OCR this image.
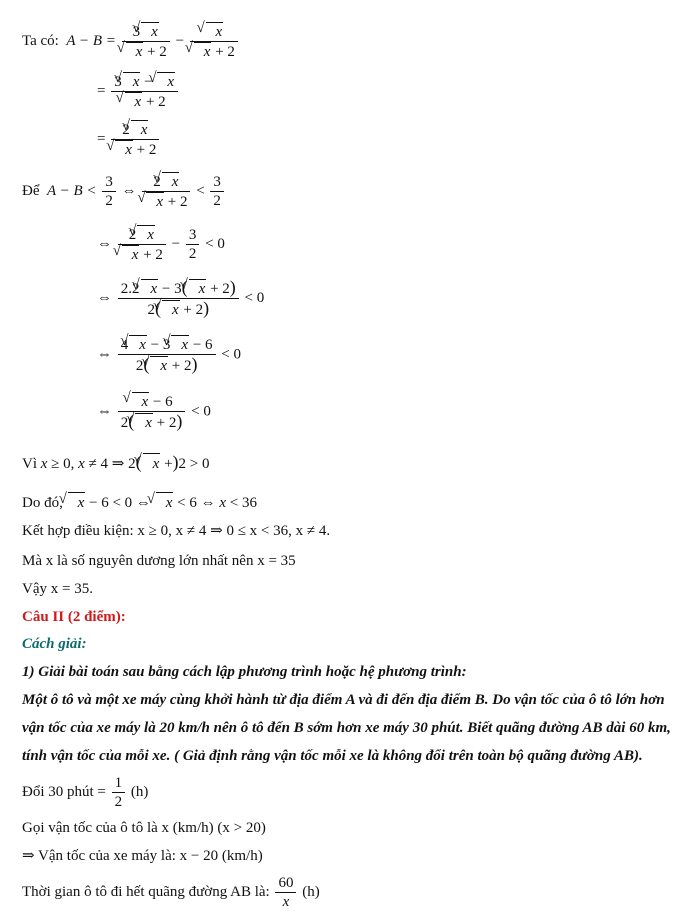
Ta có:  A − B = 3 √ x
√ x + 2 − √ x
√ x + 2
= 3 √ x − √ x
√ x + 2
= 2 √ x
√ x + 2
Để  $A - B < \frac{3}{2}$ ⇔ 2 √ x
√ $x + 2 < \frac{3}{2}$
⇔ 2 √ x
√ $x + 2 - \frac{3}{2} < 0$
⇔ $\frac{2.2 √ x - 3( √ x + 2)}{2( √ x + 2)} < 0$
⇔ $\frac{4 √ x - 3 √ x - 6}{2( √ x + 2)} < 0$
⇔ √ $\frac{x - 6}{2( √ x + 2)} < 0$
Vì x ≥ 0, x ≠ 4 ⇒ 2( √ x +)2 > 0
Do đó, √ x − 6 < 0 ⇔ √ x < 6 ⇔ x < 36
Kết hợp điều kiện: x ≥ 0, x ≠ 4 ⇒ 0 ≤ x < 36, x ≠ 4.
Mà x là số nguyên dương lớn nhất nên x = 35
Vậy x = 35.
Câu II (2 điểm):
Cách giải:
1) Giải bài toán sau bằng cách lập phương trình hoặc hệ phương trình:
Một ô tô và một xe máy cùng khởi hành từ địa điểm A và đi đến địa điểm B. Do vận tốc của ô tô lớn hơn
vận tốc của xe máy là 20 km/h nên ô tô đến B sớm hơn xe máy 30 phút. Biết quãng đường AB dài 60 km,
tính vận tốc của mỗi xe. ( Giả định rằng vận tốc mỗi xe là không đổi trên toàn bộ quãng đường AB).
Đổi 30 phút = $\frac{1}{2} (h)$
Gọi vận tốc của ô tô là x (km/h) (x > 20)
⇒ Vận tốc của xe máy là: x − 20 (km/h)
Thời gian ô tô đi hết quãng đường AB là: $\frac{60}{x} (h)$
